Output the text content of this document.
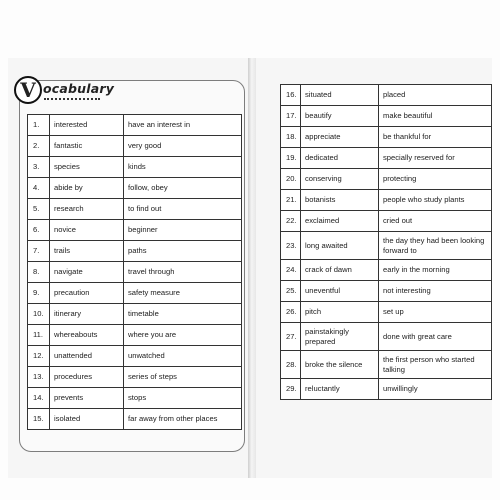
V ocabulary
1.	interested	have an interest in
2.	fantastic	very good
3.	species	kinds
4.	abide by	follow, obey
5.	research	to find out
6.	novice	beginner
7.	trails	paths
8.	navigate	travel through
9.	precaution	safety measure
10.	itinerary	timetable
11.	whereabouts	where you are
12.	unattended	unwatched
13.	procedures	series of steps
14.	prevents	stops
15.	isolated	far away from other places
16.	situated	placed
17.	beautify	make beautiful
18.	appreciate	be thankful for
19.	dedicated	specially reserved for
20.	conserving	protecting
21.	botanists	people who study plants
22.	exclaimed	cried out
23.	long awaited	the day they had been looking forward to
24.	crack of dawn	early in the morning
25.	uneventful	not interesting
26.	pitch	set up
27.	painstakingly prepared	done with great care
28.	broke the silence	the first person who started talking
29.	reluctantly	unwillingly
